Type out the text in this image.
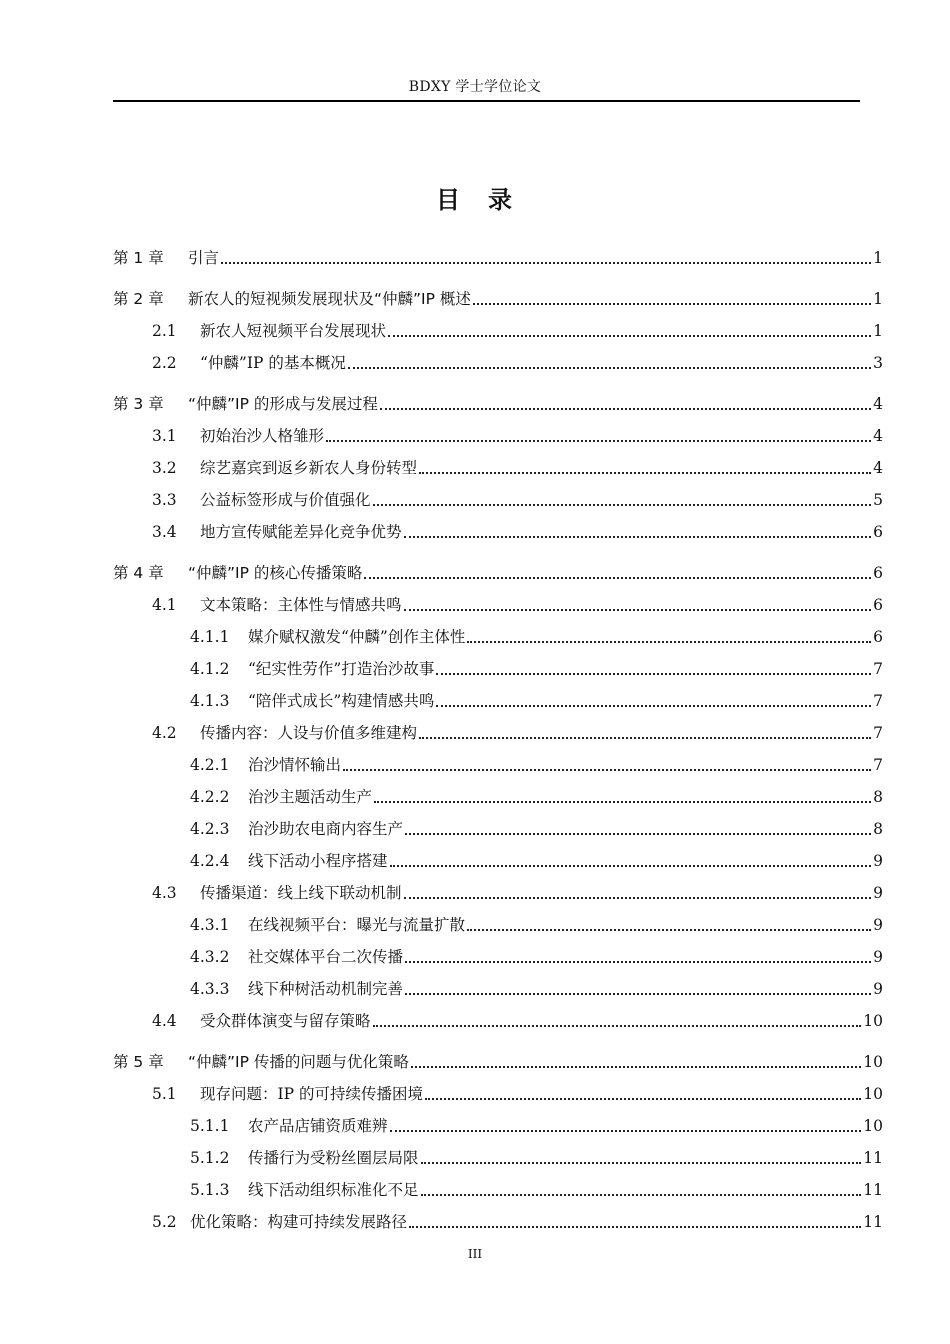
BDXY 学士学位论文
目　录
第 1 章	引言	1
第 2 章	新农人的短视频发展现状及“仲麟”IP 概述	1
2.1	新农人短视频平台发展现状	1
2.2	“仲麟”IP 的基本概况	3
第 3 章	“仲麟”IP 的形成与发展过程	4
3.1	初始治沙人格雏形	4
3.2	综艺嘉宾到返乡新农人身份转型	4
3.3	公益标签形成与价值强化	5
3.4	地方宣传赋能差异化竞争优势	6
第 4 章	“仲麟”IP 的核心传播策略	6
4.1	文本策略：主体性与情感共鸣	6
4.1.1	媒介赋权激发“仲麟”创作主体性	6
4.1.2	“纪实性劳作”打造治沙故事	7
4.1.3	“陪伴式成长”构建情感共鸣	7
4.2	传播内容：人设与价值多维建构	7
4.2.1	治沙情怀输出	7
4.2.2	治沙主题活动生产	8
4.2.3	治沙助农电商内容生产	8
4.2.4	线下活动小程序搭建	9
4.3	传播渠道：线上线下联动机制	9
4.3.1	在线视频平台：曝光与流量扩散	9
4.3.2	社交媒体平台二次传播	9
4.3.3	线下种树活动机制完善	9
4.4	受众群体演变与留存策略	10
第 5 章	“仲麟”IP 传播的问题与优化策略	10
5.1	现存问题：IP 的可持续传播困境	10
5.1.1	农产品店铺资质难辨	10
5.1.2	传播行为受粉丝圈层局限	11
5.1.3	线下活动组织标准化不足	11
5.2 优化策略：构建可持续发展路径	11
III
